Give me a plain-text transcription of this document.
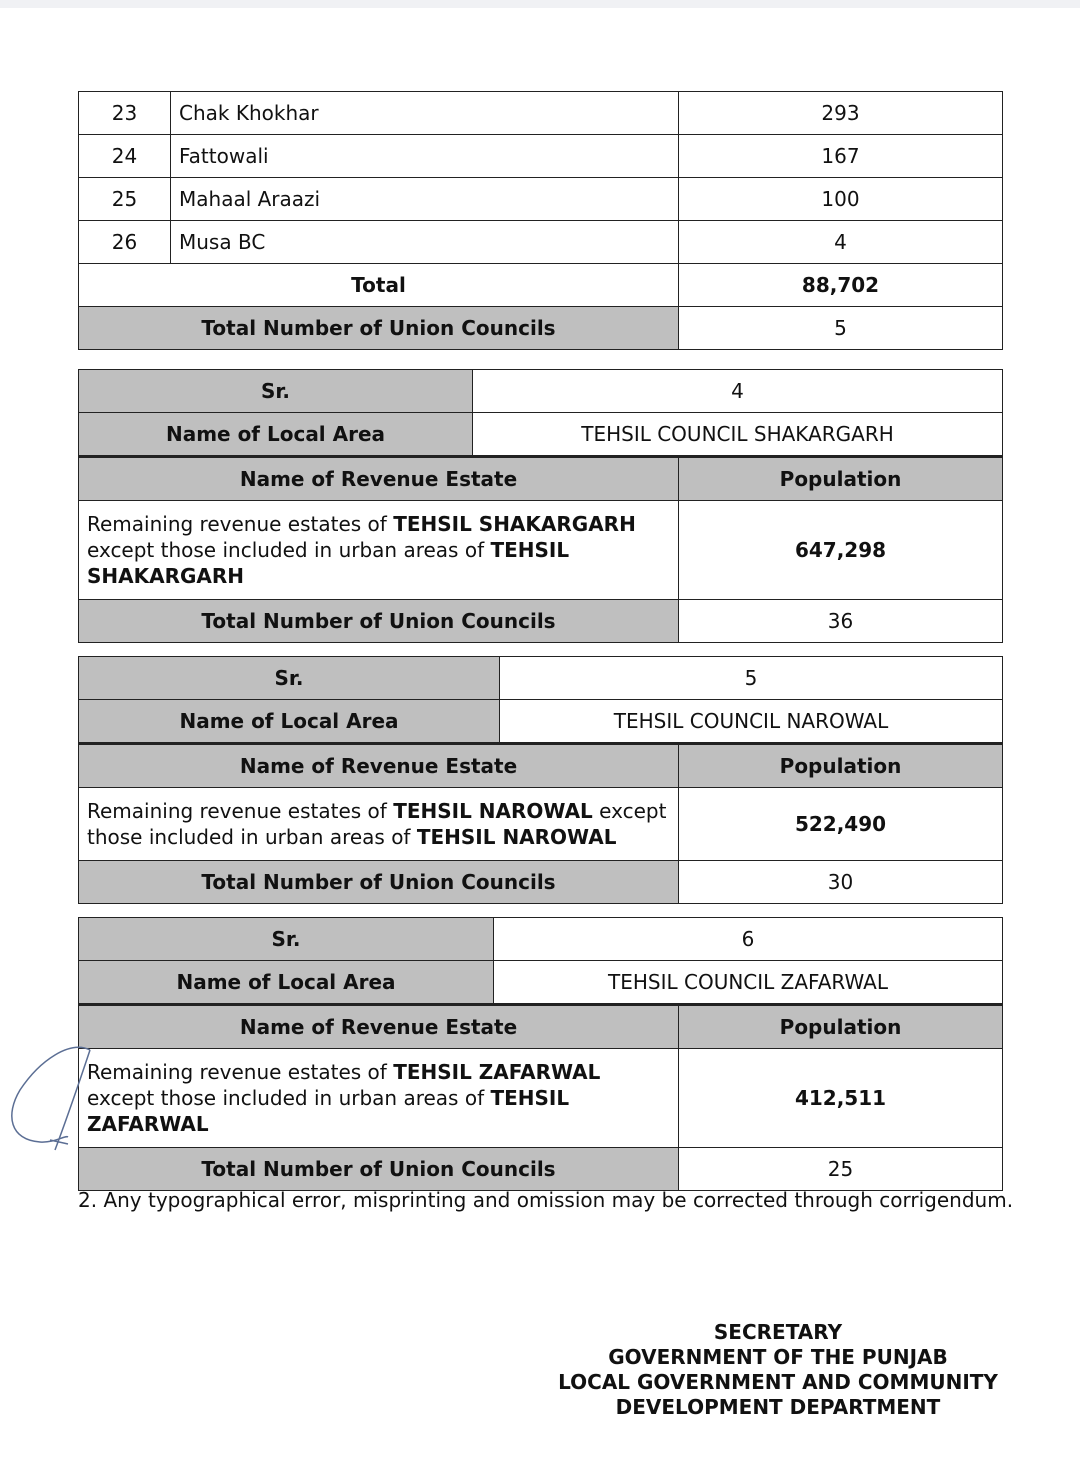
23	Chak Khokhar	293
24	Fattowali	167
25	Mahaal Araazi	100
26	Musa BC	4
Total		88,702
Total Number of Union Councils		5
Sr.	4	
Name of Local Area	TEHSIL COUNCIL SHAKARGARH	
Name of Revenue Estate		Population
Remaining revenue estates of TEHSIL SHAKARGARH except those included in urban areas of TEHSIL SHAKARGARH		647,298
Total Number of Union Councils		36
Sr.	5	
Name of Local Area	TEHSIL COUNCIL NAROWAL	
Name of Revenue Estate		Population
Remaining revenue estates of TEHSIL NAROWAL except those included in urban areas of TEHSIL NAROWAL		522,490
Total Number of Union Councils		30
Sr.	6	
Name of Local Area	TEHSIL COUNCIL ZAFARWAL	
Name of Revenue Estate		Population
Remaining revenue estates of TEHSIL ZAFARWAL except those included in urban areas of TEHSIL ZAFARWAL		412,511
Total Number of Union Councils		25
2. Any typographical error, misprinting and omission may be corrected through corrigendum.
SECRETARY
GOVERNMENT OF THE PUNJAB
LOCAL GOVERNMENT AND COMMUNITY
DEVELOPMENT DEPARTMENT
